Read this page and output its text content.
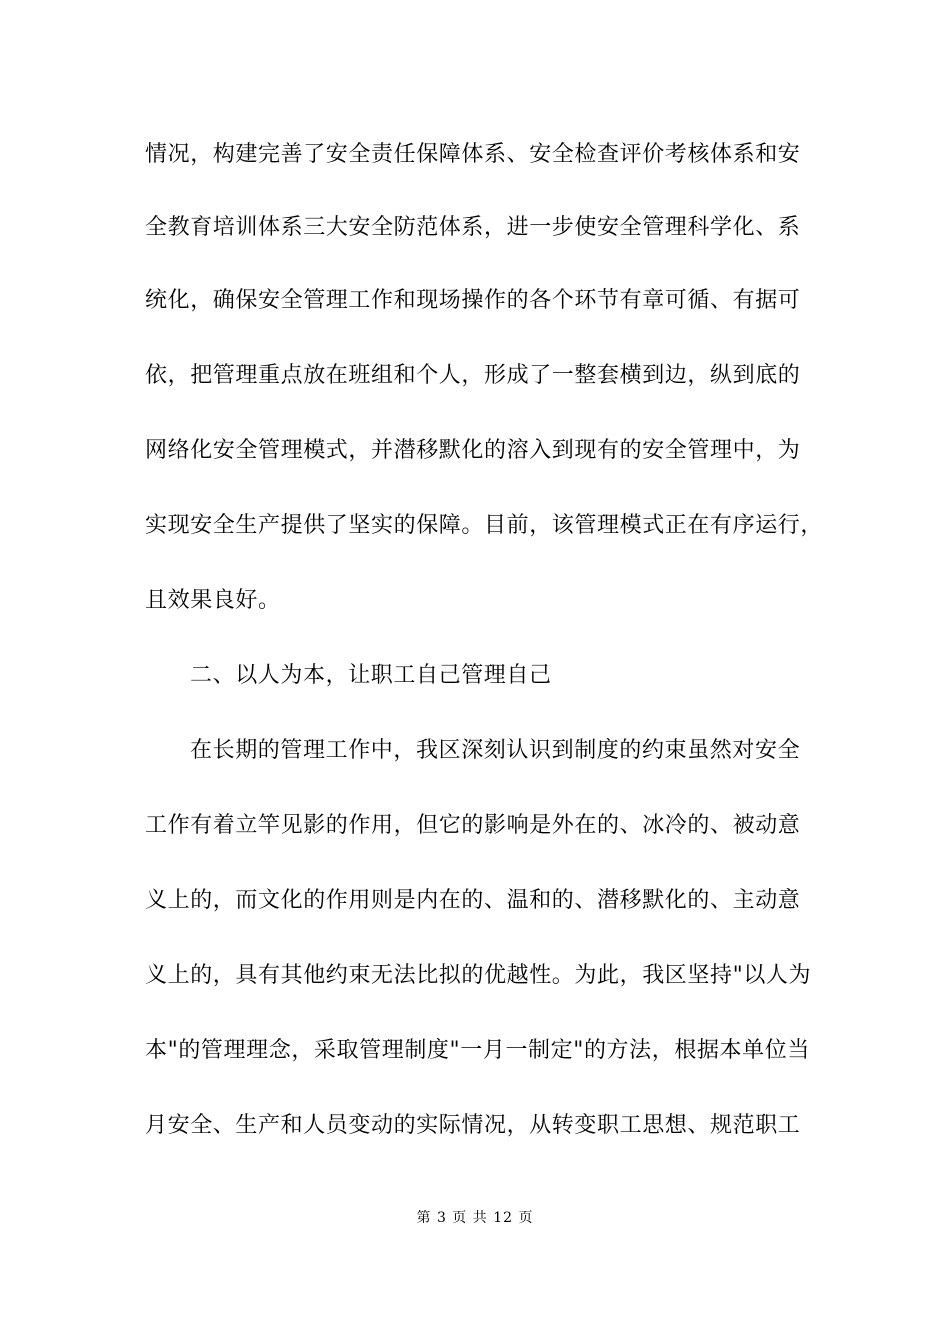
情况，构建完善了安全责任保障体系、安全检查评价考核体系和安
全教育培训体系三大安全防范体系，进一步使安全管理科学化、系
统化，确保安全管理工作和现场操作的各个环节有章可循、有据可
依，把管理重点放在班组和个人，形成了一整套横到边，纵到底的
网络化安全管理模式，并潜移默化的溶入到现有的安全管理中，为
实现安全生产提供了坚实的保障。目前，该管理模式正在有序运行，
且效果良好。
二、以人为本，让职工自己管理自己
在长期的管理工作中，我区深刻认识到制度的约束虽然对安全
工作有着立竿见影的作用，但它的影响是外在的、冰冷的、被动意
义上的，而文化的作用则是内在的、温和的、潜移默化的、主动意
义上的，具有其他约束无法比拟的优越性。为此，我区坚持"以人为
本"的管理理念，采取管理制度"一月一制定"的方法，根据本单位当
月安全、生产和人员变动的实际情况，从转变职工思想、规范职工
第 3 页 共 12 页
